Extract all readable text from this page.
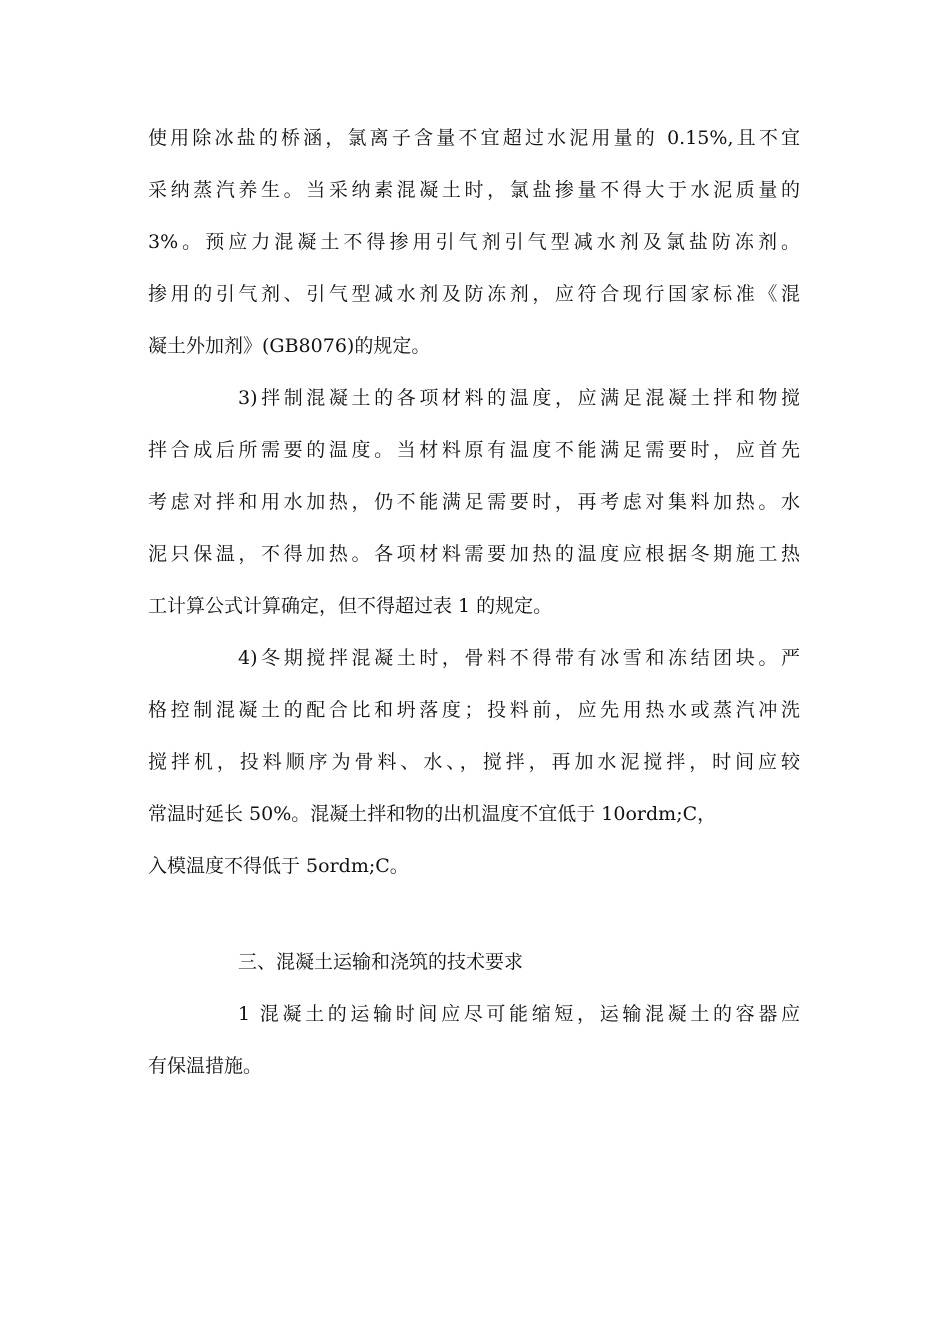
使用除冰盐的桥涵，氯离子含量不宜超过水泥用量的 0.15%,且不宜
采纳蒸汽养生。当采纳素混凝土时，氯盐掺量不得大于水泥质量的
3%。预应力混凝土不得掺用引气剂引气型减水剂及氯盐防冻剂。
掺用的引气剂、引气型减水剂及防冻剂，应符合现行国家标准《混
凝土外加剂》(GB8076)的规定。
3)拌制混凝土的各项材料的温度，应满足混凝土拌和物搅
拌合成后所需要的温度。当材料原有温度不能满足需要时，应首先
考虑对拌和用水加热，仍不能满足需要时，再考虑对集料加热。水
泥只保温，不得加热。各项材料需要加热的温度应根据冬期施工热
工计算公式计算确定，但不得超过表 1 的规定。
4)冬期搅拌混凝土时，骨料不得带有冰雪和冻结团块。严
格控制混凝土的配合比和坍落度；投料前，应先用热水或蒸汽冲洗
搅拌机，投料顺序为骨料、水、，搅拌，再加水泥搅拌，时间应较
常温时延长 50%。混凝土拌和物的出机温度不宜低于 10ordm;C，
入模温度不得低于 5ordm;C。
三、混凝土运输和浇筑的技术要求
1 混凝土的运输时间应尽可能缩短，运输混凝土的容器应
有保温措施。
